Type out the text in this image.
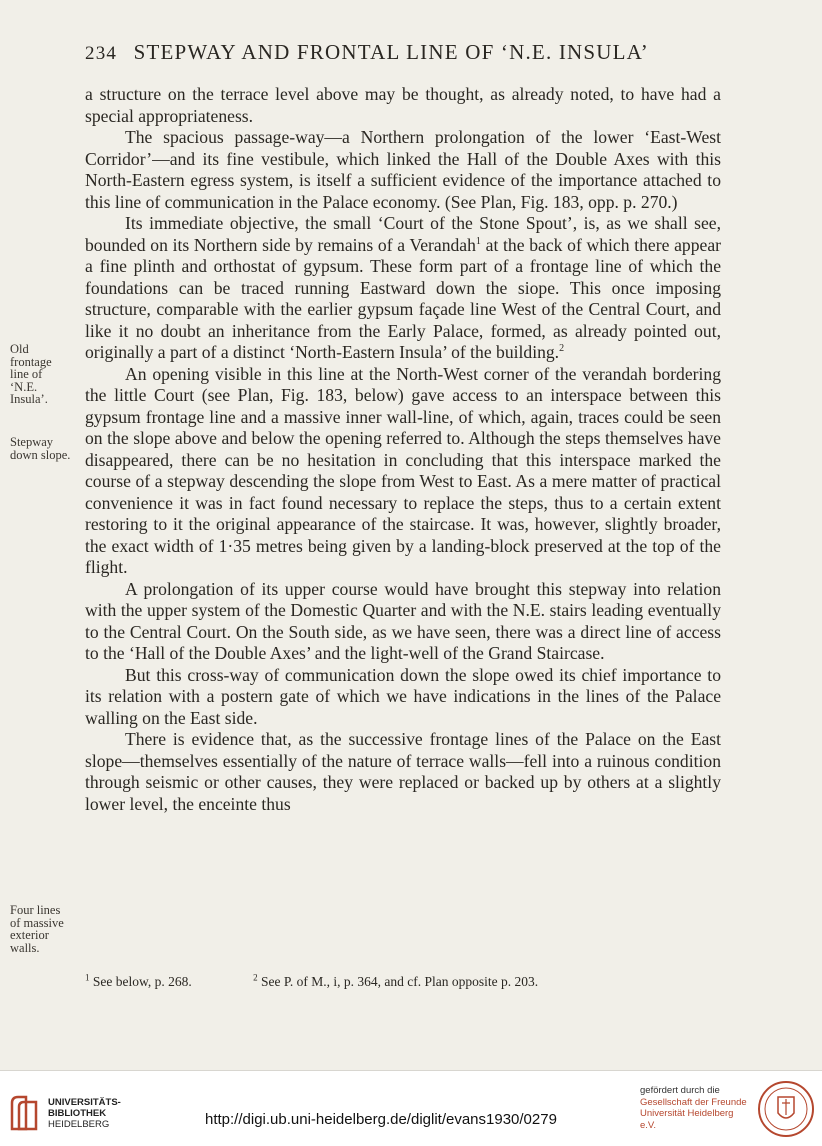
234 STEPWAY AND FRONTAL LINE OF ‘N.E. INSULA’

a structure on the terrace level above may be thought, as already noted, to have had a special appropriateness.

The spacious passage-way—a Northern prolongation of the lower ‘East-West Corridor’—and its fine vestibule, which linked the Hall of the Double Axes with this North-Eastern egress system, is itself a sufficient evidence of the importance attached to this line of communication in the Palace economy. (See Plan, Fig. 183, opp. p. 270.)

Its immediate objective, the small ‘Court of the Stone Spout’, is, as we shall see, bounded on its Northern side by remains of a Verandah$^1$ at the back of which there appear a fine plinth and orthostat of gypsum. These form part of a frontage line of which the foundations can be traced running Eastward down the siope. This once imposing structure, comparable with the earlier gypsum façade line West of the Central Court, and like it no doubt an inheritance from the Early Palace, formed, as already pointed out, originally a part of a distinct ‘North-Eastern Insula’ of the building.$^2$

An opening visible in this line at the North-West corner of the verandah bordering the little Court (see Plan, Fig. 183, below) gave access to an interspace between this gypsum frontage line and a massive inner wall-line, of which, again, traces could be seen on the slope above and below the opening referred to. Although the steps themselves have disappeared, there can be no hesitation in concluding that this interspace marked the course of a stepway descending the slope from West to East. As a mere matter of practical convenience it was in fact found necessary to replace the steps, thus to a certain extent restoring to it the original appearance of the staircase. It was, however, slightly broader, the exact width of 1·35 metres being given by a landing-block preserved at the top of the flight.

A prolongation of its upper course would have brought this stepway into relation with the upper system of the Domestic Quarter and with the N.E. stairs leading eventually to the Central Court. On the South side, as we have seen, there was a direct line of access to the ‘Hall of the Double Axes’ and the light-well of the Grand Staircase.

But this cross-way of communication down the slope owed its chief importance to its relation with a postern gate of which we have indications in the lines of the Palace walling on the East side.

There is evidence that, as the successive frontage lines of the Palace on the East slope—themselves essentially of the nature of terrace walls—fell into a ruinous condition through seismic or other causes, they were replaced or backed up by others at a slightly lower level, the enceinte thus

Old frontage line of ‘N.E. Insula’.
Stepway down slope.
Four lines of massive exterior walls.
$^1$ See below, p. 268.	$^2$ See P. of M., i, p. 364, and cf. Plan opposite p. 203.
UNIVERSITÄTS-
BIBLIOTHEK
HEIDELBERG	http://digi.ub.uni-heidelberg.de/diglit/evans1930/0279
gefördert durch die
Gesellschaft der Freunde
Universität Heidelberg e.V.
